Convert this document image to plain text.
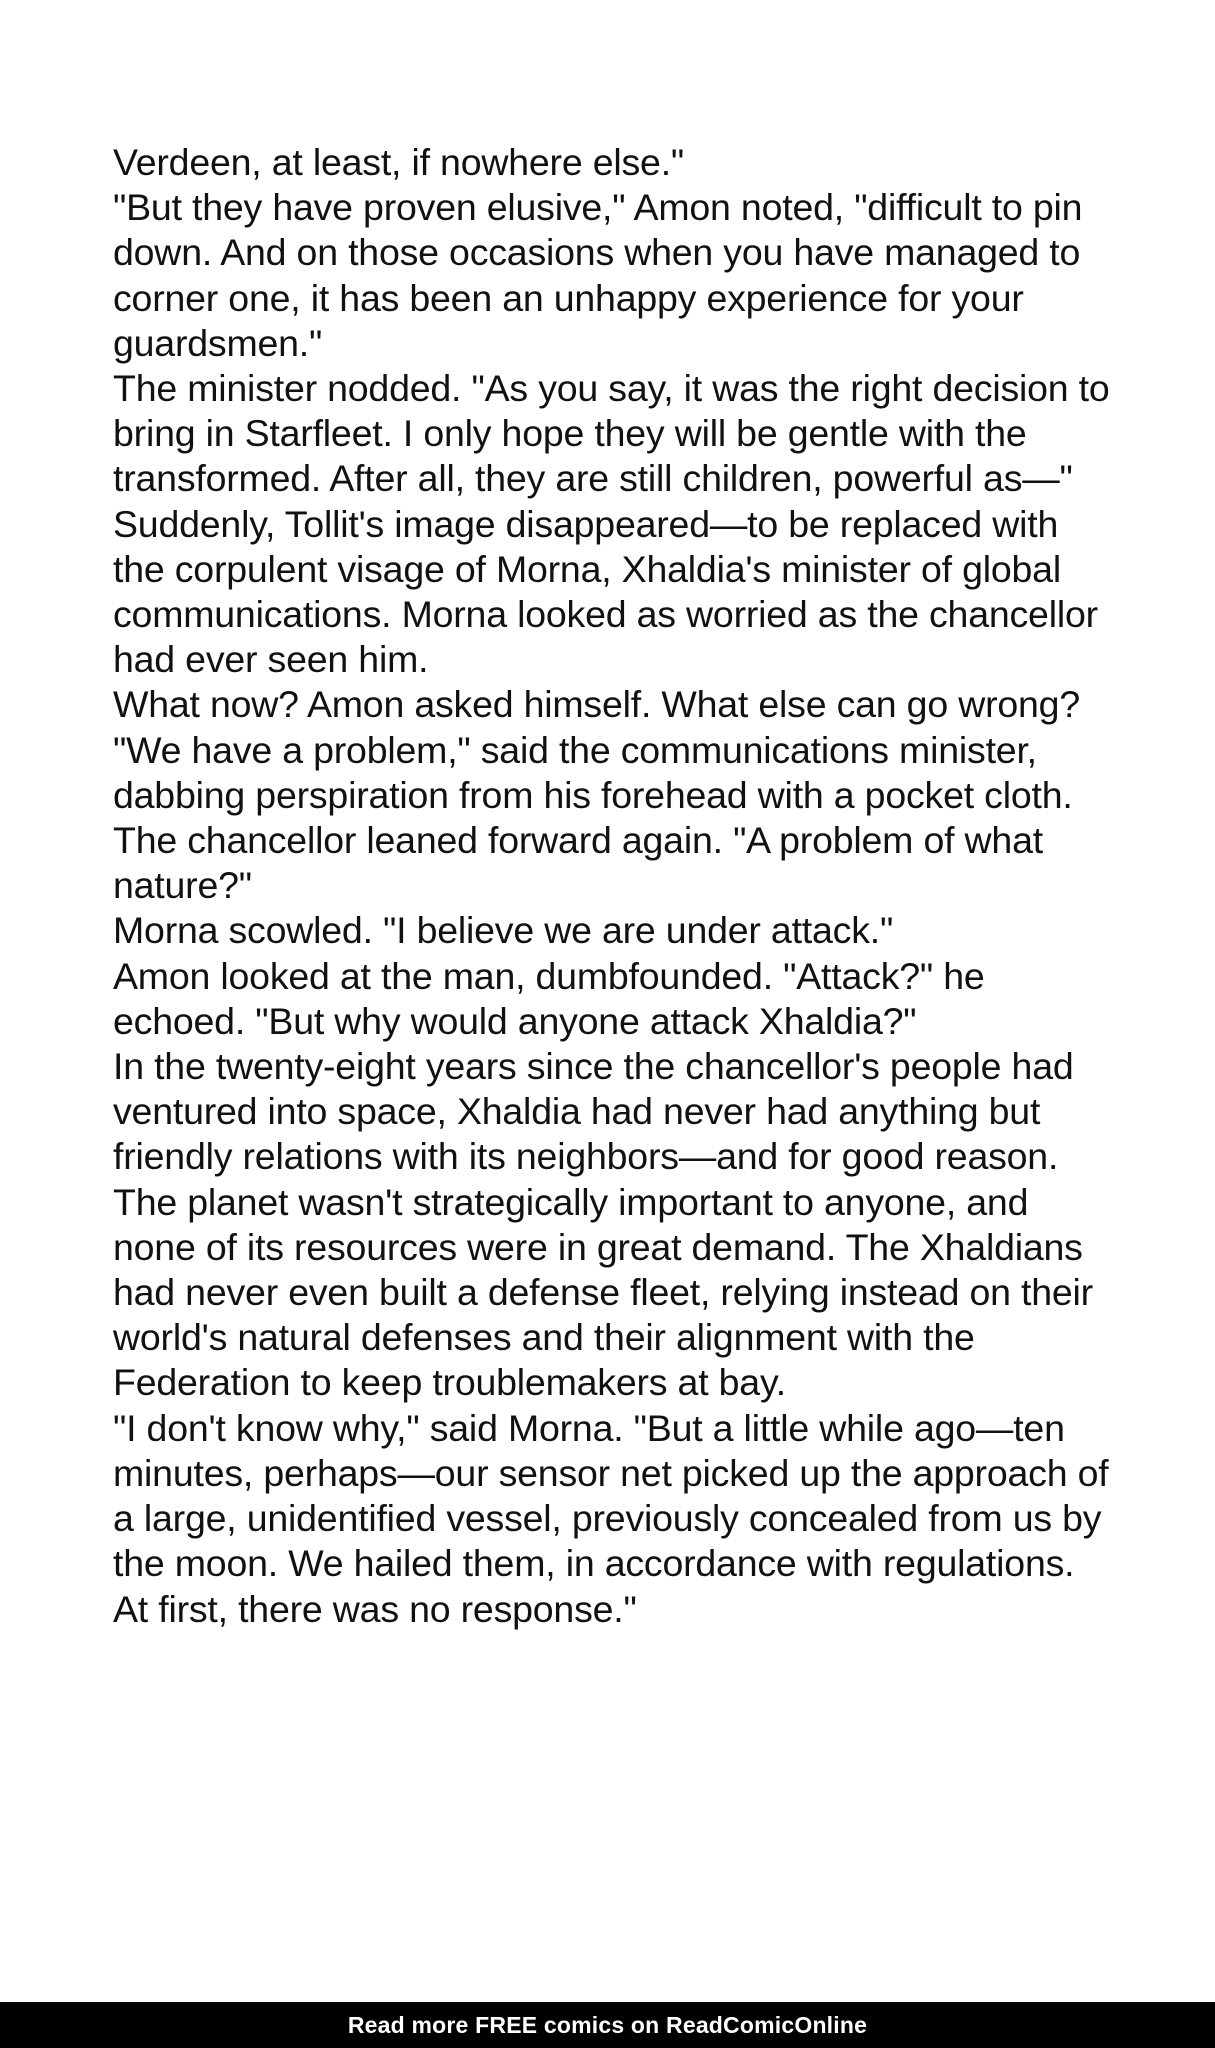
Verdeen, at least, if nowhere else."

"But they have proven elusive," Amon noted, "difficult to pin down. And on those occasions when you have managed to corner one, it has been an unhappy experience for your guardsmen."

The minister nodded. "As you say, it was the right decision to bring in Starfleet. I only hope they will be gentle with the transformed. After all, they are still children, powerful as—"

Suddenly, Tollit's image disappeared—to be replaced with the corpulent visage of Morna, Xhaldia's minister of global communications. Morna looked as worried as the chancellor had ever seen him.

What now? Amon asked himself. What else can go wrong?

"We have a problem," said the communications minister, dabbing perspiration from his forehead with a pocket cloth.

The chancellor leaned forward again. "A problem of what nature?"

Morna scowled. "I believe we are under attack."

Amon looked at the man, dumbfounded. "Attack?" he echoed. "But why would anyone attack Xhaldia?"

In the twenty-eight years since the chancellor's people had ventured into space, Xhaldia had never had anything but friendly relations with its neighbors—and for good reason. The planet wasn't strategically important to anyone, and none of its resources were in great demand. The Xhaldians had never even built a defense fleet, relying instead on their world's natural defenses and their alignment with the Federation to keep troublemakers at bay.

"I don't know why," said Morna. "But a little while ago—ten minutes, perhaps—our sensor net picked up the approach of a large, unidentified vessel, previously concealed from us by the moon. We hailed them, in accordance with regulations. At first, there was no response."

Read more FREE comics on ReadComicOnline
